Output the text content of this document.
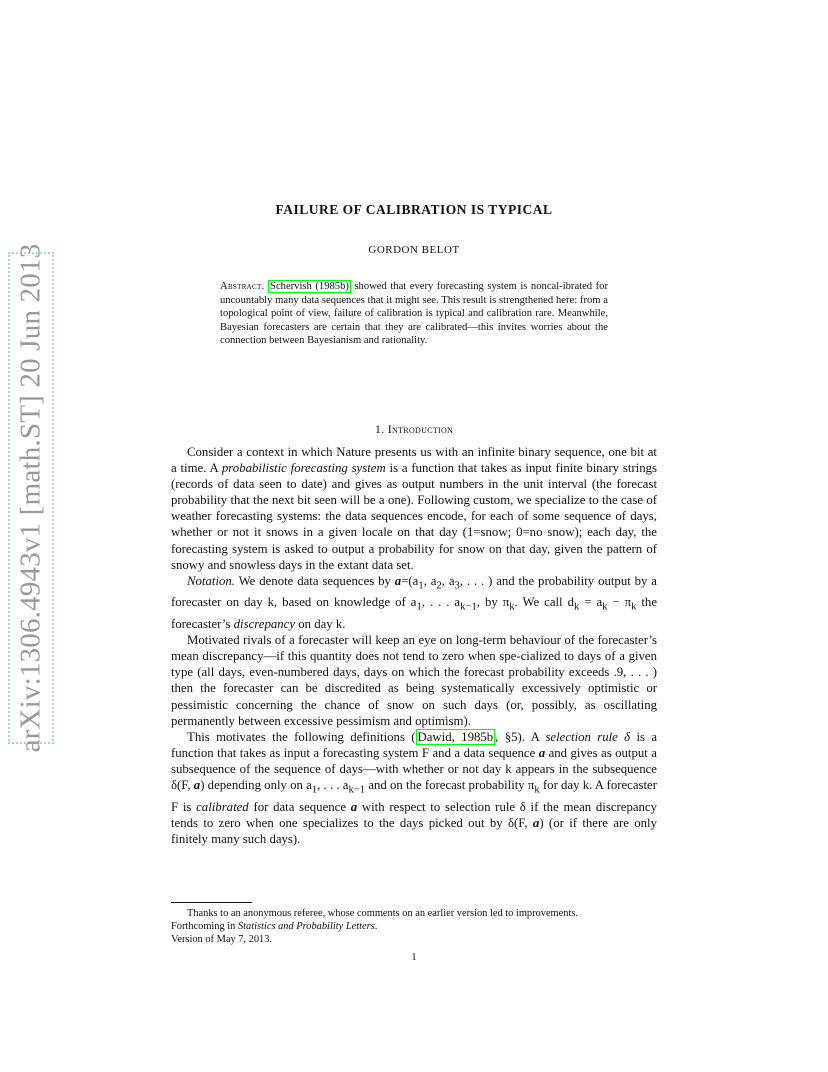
arXiv:1306.4943v1 [math.ST] 20 Jun 2013
FAILURE OF CALIBRATION IS TYPICAL
GORDON BELOT
Abstract. Schervish (1985b) showed that every forecasting system is noncal-ibrated for uncountably many data sequences that it might see. This result is strengthened here: from a topological point of view, failure of calibration is typical and calibration rare. Meanwhile, Bayesian forecasters are certain that they are calibrated—this invites worries about the connection between Bayesianism and rationality.
1. Introduction

Consider a context in which Nature presents us with an infinite binary sequence, one bit at a time. A probabilistic forecasting system is a function that takes as input finite binary strings (records of data seen to date) and gives as output numbers in the unit interval (the forecast probability that the next bit seen will be a one). Following custom, we specialize to the case of weather forecasting systems: the data sequences encode, for each of some sequence of days, whether or not it snows in a given locale on that day (1=snow; 0=no snow); each day, the forecasting system is asked to output a probability for snow on that day, given the pattern of snowy and snowless days in the extant data set.

Notation. We denote data sequences by $a=(a_1$, $a_2$, $a_3$, . . . ) and the probability output by a forecaster on day k, based on knowledge of $a_1$, . . . $a_{k-1}$, by $\pi_k$. We call $d_k = a_k - \pi_k$ the forecaster’s discrepancy on day k.

Motivated rivals of a forecaster will keep an eye on long-term behaviour of the forecaster’s mean discrepancy—if this quantity does not tend to zero when spe-cialized to days of a given type (all days, even-numbered days, days on which the forecast probability exceeds .9, . . . ) then the forecaster can be discredited as being systematically excessively optimistic or pessimistic concerning the chance of snow on such days (or, possibly, as oscillating permanently between excessive pessimism and optimism).

This motivates the following definitions ( Dawid, 1985b , §5). A selection rule δ is a function that takes as input a forecasting system F and a data sequence a and gives as output a subsequence of the sequence of days—with whether or not day k appears in the subsequence δ(F, a) depending only on $a_1$, . . . $a_{k-1}$ and on the forecast probability $\pi_k$ for day k. A forecaster F is calibrated for data sequence a with respect to selection rule δ if the mean discrepancy tends to zero when one specializes to the days picked out by δ(F, a) (or if there are only finitely many such days).

Thanks to an anonymous referee, whose comments on an earlier version led to improvements.

Forthcoming in Statistics and Probability Letters.

Version of May 7, 2013.

1
